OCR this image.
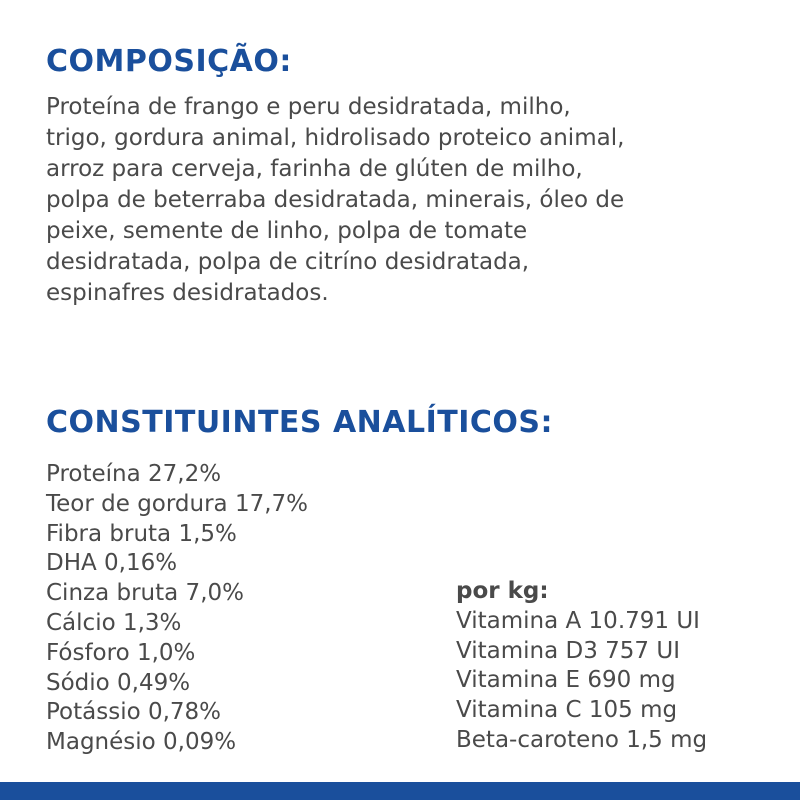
COMPOSIÇÃO:

Proteína de frango e peru desidratada, milho,
trigo, gordura animal, hidrolisado proteico animal,
arroz para cerveja, farinha de glúten de milho,
polpa de beterraba desidratada, minerais, óleo de
peixe, semente de linho, polpa de tomate
desidratada, polpa de citríno desidratada,
espinafres desidratados.

CONSTITUINTES ANALÍTICOS:
Proteína 27,2%
Teor de gordura 17,7%
Fibra bruta 1,5%
DHA 0,16%
Cinza bruta 7,0%
Cálcio 1,3%
Fósforo 1,0%
Sódio 0,49%
Potássio 0,78%
Magnésio 0,09%
por kg:
Vitamina A 10.791 UI
Vitamina D3 757 UI
Vitamina E 690 mg
Vitamina C 105 mg
Beta-caroteno 1,5 mg
